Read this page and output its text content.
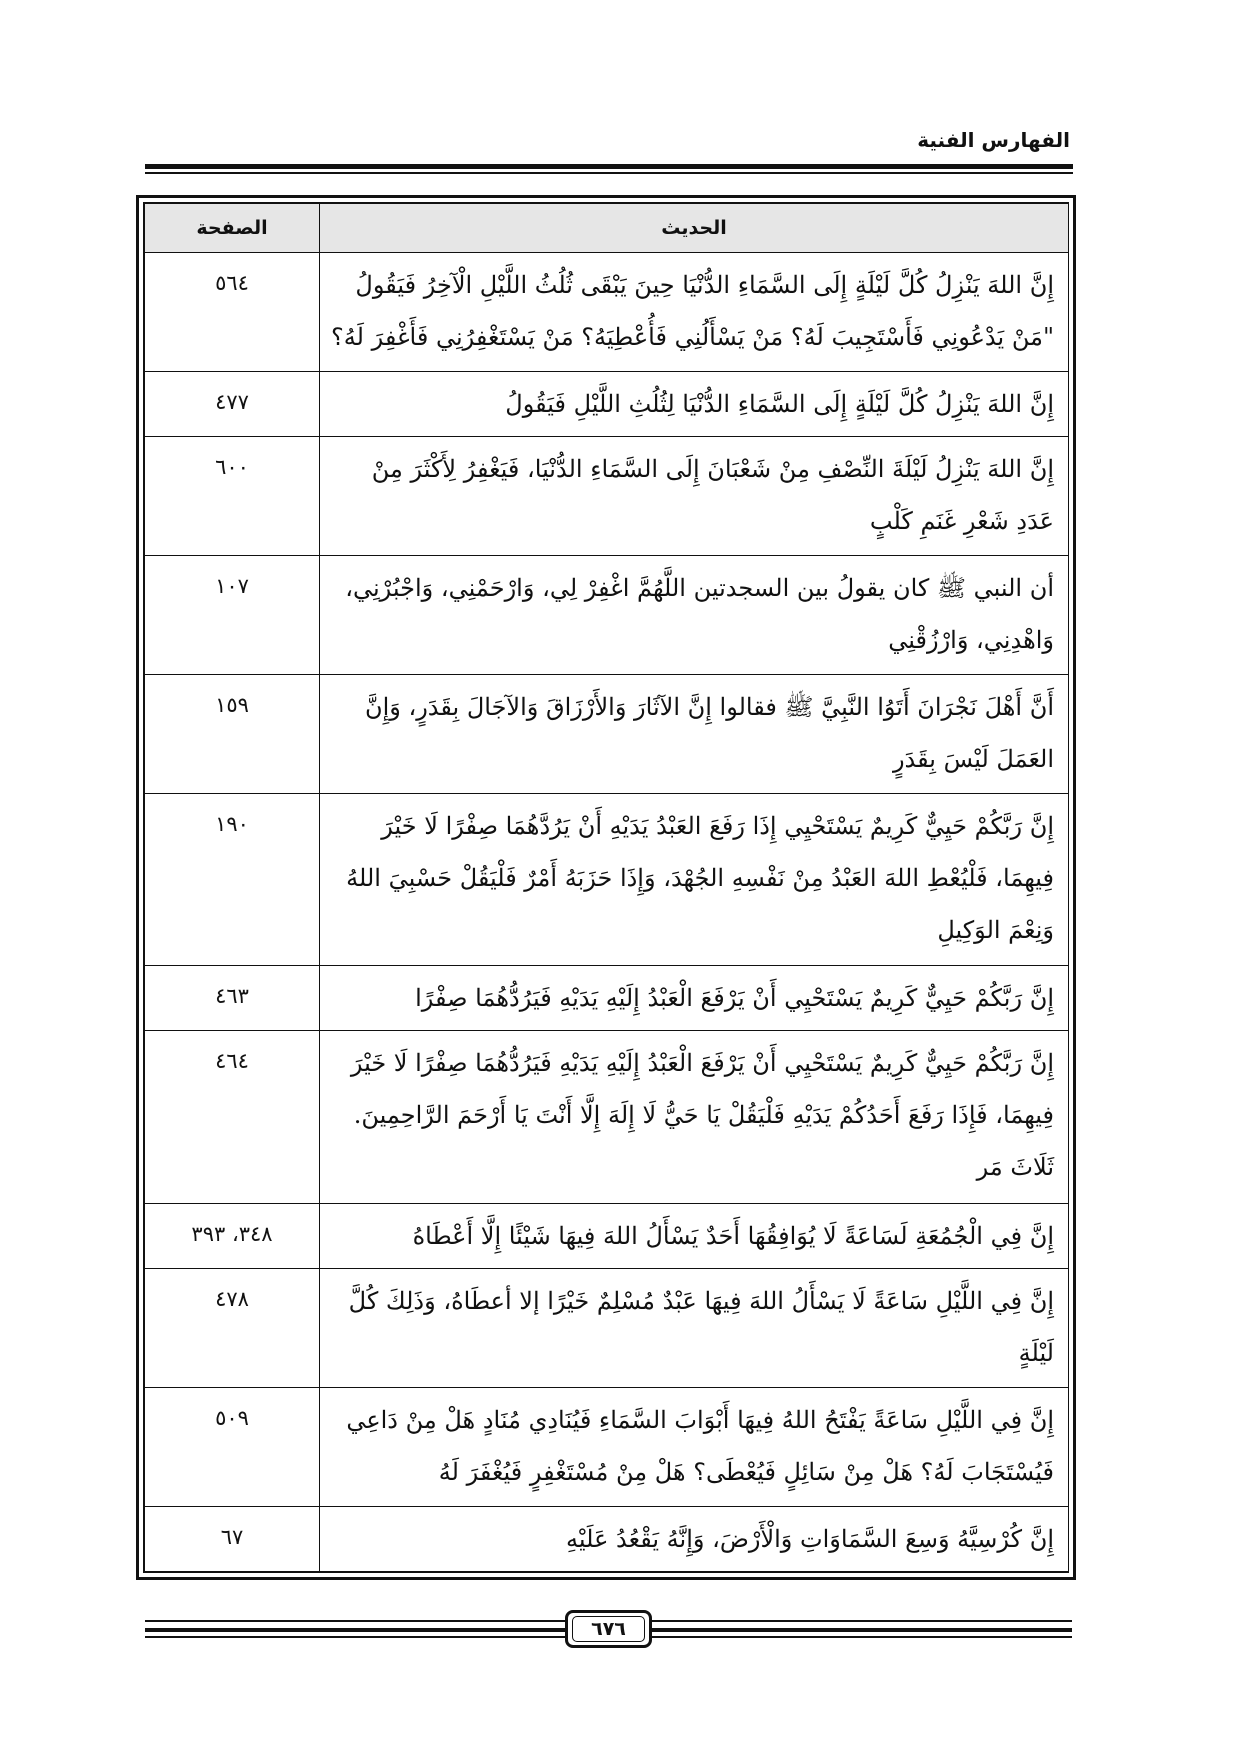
الفهارس الفنية
الحديث	الصفحة
إِنَّ اللهَ يَنْزِلُ كُلَّ لَيْلَةٍ إِلَى السَّمَاءِ الدُّنْيَا حِينَ يَبْقَى ثُلُثُ اللَّيْلِ الْآخِرُ فَيَقُولُ "مَنْ يَدْعُونِي فَأَسْتَجِيبَ لَهُ؟ مَنْ يَسْأَلُنِي فَأُعْطِيَهُ؟ مَنْ يَسْتَغْفِرُنِي فَأَغْفِرَ لَهُ؟	٥٦٤
إِنَّ اللهَ يَنْزِلُ كُلَّ لَيْلَةٍ إِلَى السَّمَاءِ الدُّنْيَا لِثُلُثِ اللَّيْلِ فَيَقُولُ	٤٧٧
إِنَّ اللهَ يَنْزِلُ لَيْلَةَ النِّصْفِ مِنْ شَعْبَانَ إِلَى السَّمَاءِ الدُّنْيَا، فَيَغْفِرُ لِأَكْثَرَ مِنْ عَدَدِ شَعْرِ غَنَمِ كَلْبٍ	٦٠٠
أن النبي ﷺ كان يقولُ بين السجدتين اللَّهُمَّ اغْفِرْ لِي، وَارْحَمْنِي، وَاجْبُرْنِي، وَاهْدِنِي، وَارْزُقْنِي	١٠٧
أَنَّ أَهْلَ نَجْرَانَ أَتَوُا النَّبِيَّ ﷺ فقالوا إِنَّ الآثَارَ وَالأَرْزَاقَ وَالآجَالَ بِقَدَرٍ، وَإِنَّ العَمَلَ لَيْسَ بِقَدَرٍ	١٥٩
إِنَّ رَبَّكُمْ حَيِيٌّ كَرِيمٌ يَسْتَحْيِي إِذَا رَفَعَ العَبْدُ يَدَيْهِ أَنْ يَرُدَّهُمَا صِفْرًا لَا خَيْرَ فِيهِمَا، فَلْيُعْطِ اللهَ العَبْدُ مِنْ نَفْسِهِ الجُهْدَ، وَإِذَا حَزَبَهُ أَمْرٌ فَلْيَقُلْ حَسْبِيَ اللهُ وَنِعْمَ الوَكِيلِ	١٩٠
إِنَّ رَبَّكُمْ حَيِيٌّ كَرِيمٌ يَسْتَحْيِي أَنْ يَرْفَعَ الْعَبْدُ إِلَيْهِ يَدَيْهِ فَيَرُدُّهُمَا صِفْرًا	٤٦٣
إِنَّ رَبَّكُمْ حَيِيٌّ كَرِيمٌ يَسْتَحْيِي أَنْ يَرْفَعَ الْعَبْدُ إِلَيْهِ يَدَيْهِ فَيَرُدُّهُمَا صِفْرًا لَا خَيْرَ فِيهِمَا، فَإِذَا رَفَعَ أَحَدُكُمْ يَدَيْهِ فَلْيَقُلْ يَا حَيُّ لَا إِلَهَ إِلَّا أَنْتَ يَا أَرْحَمَ الرَّاحِمِينَ. ثَلَاثَ مَر	٤٦٤
إِنَّ فِي الْجُمُعَةِ لَسَاعَةً لَا يُوَافِقُهَا أَحَدٌ يَسْأَلُ اللهَ فِيهَا شَيْئًا إِلَّا أَعْطَاهُ	٣٤٨، ٣٩٣
إِنَّ فِي اللَّيْلِ سَاعَةً لَا يَسْأَلُ اللهَ فِيهَا عَبْدٌ مُسْلِمٌ خَيْرًا إلا أعطَاهُ، وَذَلِكَ كُلَّ لَيْلَةٍ	٤٧٨
إِنَّ فِي اللَّيْلِ سَاعَةً يَفْتَحُ اللهُ فِيهَا أَبْوَابَ السَّمَاءِ فَيُنَادِي مُنَادٍ هَلْ مِنْ دَاعِي فَيُسْتَجَابَ لَهُ؟ هَلْ مِنْ سَائِلٍ فَيُعْطَى؟ هَلْ مِنْ مُسْتَغْفِرٍ فَيُغْفَرَ لَهُ	٥٠٩
إِنَّ كُرْسِيَّهُ وَسِعَ السَّمَاوَاتِ وَالْأَرْضَ، وَإِنَّهُ يَقْعُدُ عَلَيْهِ	٦٧
٦٧٦
